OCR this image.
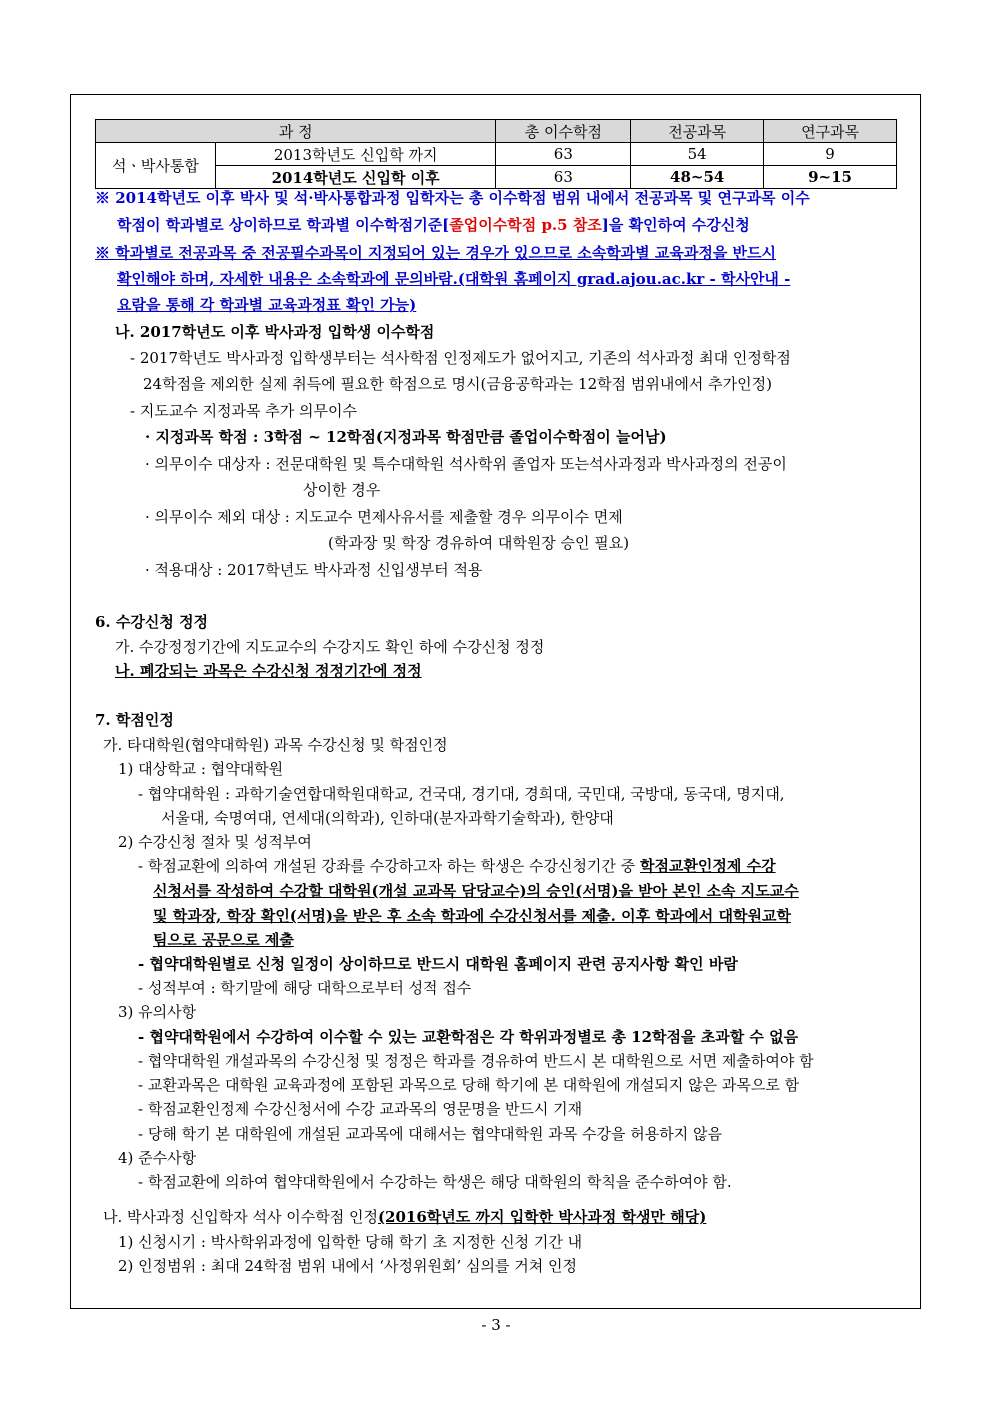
과 정		총 이수학점	전공과목	연구과목
석ㆍ박사통합	2013학년도 신입학 까지	63	54	9
	2014학년도 신입학 이후	63	48~54	9~15
※ 2014학년도 이후 박사 및 석·박사통합과정 입학자는 총 이수학점 범위 내에서 전공과목 및 연구과목 이수
학점이 학과별로 상이하므로 학과별 이수학점기준[졸업이수학점 p.5 참조]을 확인하여 수강신청
※ 학과별로 전공과목 중 전공필수과목이 지정되어 있는 경우가 있으므로 소속학과별 교육과정을 반드시
확인해야 하며, 자세한 내용은 소속학과에 문의바람.(대학원 홈페이지 grad.ajou.ac.kr - 학사안내 -
요람을 통해 각 학과별 교육과정표 확인 가능)
나. 2017학년도 이후 박사과정 입학생 이수학점
- 2017학년도 박사과정 입학생부터는 석사학점 인정제도가 없어지고, 기존의 석사과정 최대 인정학점
24학점을 제외한 실제 취득에 필요한 학점으로 명시(금융공학과는 12학점 범위내에서 추가인정)
- 지도교수 지정과목 추가 의무이수
· 지정과목 학점 : 3학점 ~ 12학점(지정과목 학점만큼 졸업이수학점이 늘어남)
· 의무이수 대상자 : 전문대학원 및 특수대학원 석사학위 졸업자 또는석사과정과 박사과정의 전공이
상이한 경우
· 의무이수 제외 대상 : 지도교수 면제사유서를 제출할 경우 의무이수 면제
(학과장 및 학장 경유하여 대학원장 승인 필요)
· 적용대상 : 2017학년도 박사과정 신입생부터 적용
6. 수강신청 정정
가. 수강정정기간에 지도교수의 수강지도 확인 하에 수강신청 정정
나. 폐강되는 과목은 수강신청 정정기간에 정정
7. 학점인정
가. 타대학원(협약대학원) 과목 수강신청 및 학점인정
1) 대상학교 : 협약대학원
- 협약대학원 : 과학기술연합대학원대학교, 건국대, 경기대, 경희대, 국민대, 국방대, 동국대, 명지대,
서울대, 숙명여대, 연세대(의학과), 인하대(분자과학기술학과), 한양대
2) 수강신청 절차 및 성적부여
- 학점교환에 의하여 개설된 강좌를 수강하고자 하는 학생은 수강신청기간 중 학점교환인정제 수강
신청서를 작성하여 수강할 대학원(개설 교과목 담당교수)의 승인(서명)을 받아 본인 소속 지도교수
및 학과장, 학장 확인(서명)을 받은 후 소속 학과에 수강신청서를 제출. 이후 학과에서 대학원교학
팀으로 공문으로 제출
- 협약대학원별로 신청 일정이 상이하므로 반드시 대학원 홈페이지 관련 공지사항 확인 바람
- 성적부여 : 학기말에 해당 대학으로부터 성적 접수
3) 유의사항
- 협약대학원에서 수강하여 이수할 수 있는 교환학점은 각 학위과정별로 총 12학점을 초과할 수 없음
- 협약대학원 개설과목의 수강신청 및 정정은 학과를 경유하여 반드시 본 대학원으로 서면 제출하여야 함
- 교환과목은 대학원 교육과정에 포함된 과목으로 당해 학기에 본 대학원에 개설되지 않은 과목으로 함
- 학점교환인정제 수강신청서에 수강 교과목의 영문명을 반드시 기재
- 당해 학기 본 대학원에 개설된 교과목에 대해서는 협약대학원 과목 수강을 허용하지 않음
4) 준수사항
- 학점교환에 의하여 협약대학원에서 수강하는 학생은 해당 대학원의 학칙을 준수하여야 함.
나. 박사과정 신입학자 석사 이수학점 인정(2016학년도 까지 입학한 박사과정 학생만 해당)
1) 신청시기 : 박사학위과정에 입학한 당해 학기 초 지정한 신청 기간 내
2) 인정범위 : 최대 24학점 범위 내에서 ‘사정위원회’ 심의를 거쳐 인정
- 3 -
